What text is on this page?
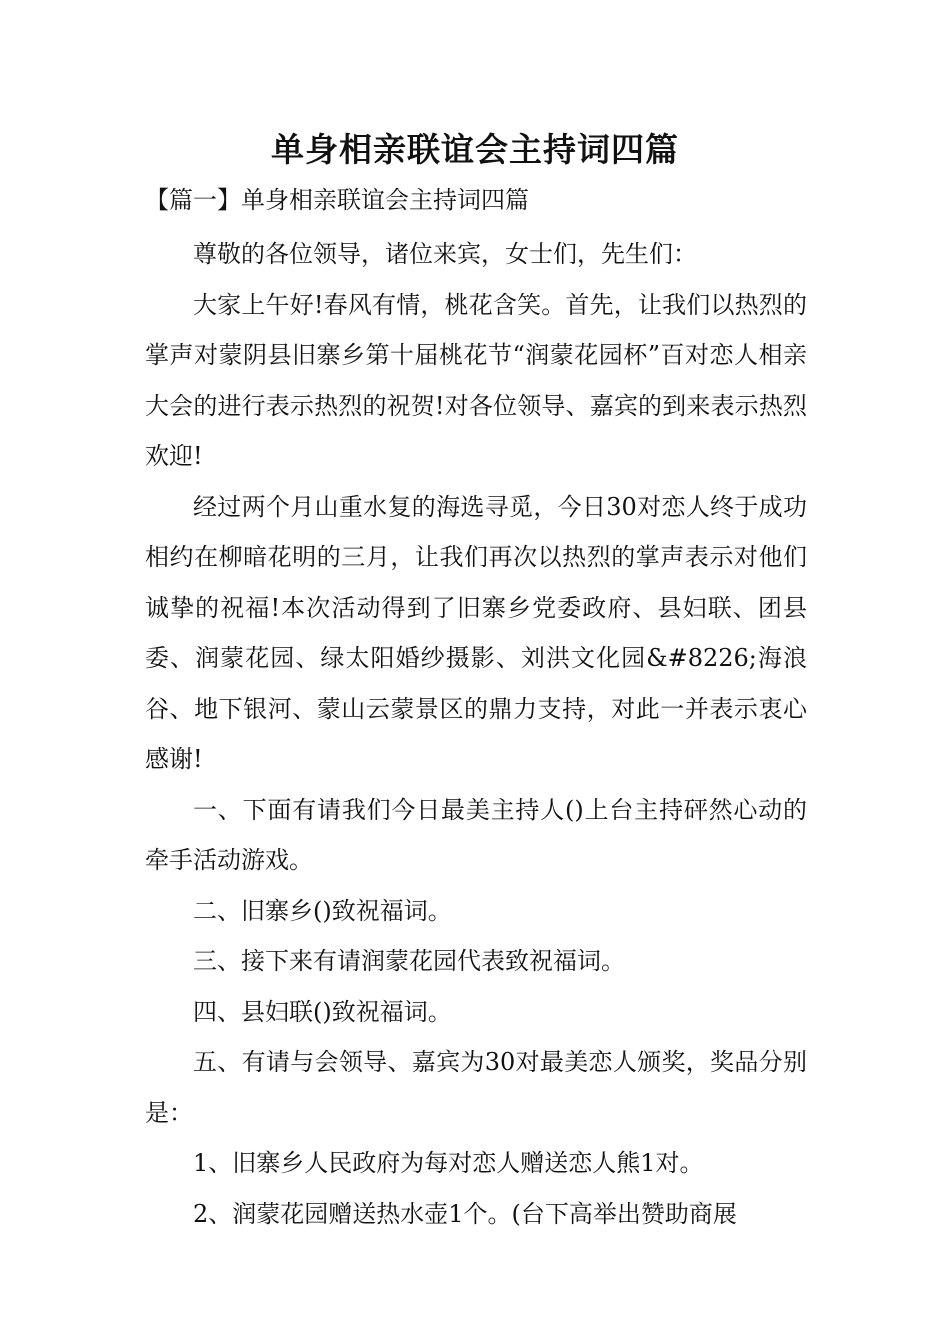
单身相亲联谊会主持词四篇
【篇一】单身相亲联谊会主持词四篇

尊敬的各位领导，诸位来宾，女士们，先生们：

大家上午好!春风有情，桃花含笑。首先，让我们以热烈的掌声对蒙阴县旧寨乡第十届桃花节“润蒙花园杯”百对恋人相亲大会的进行表示热烈的祝贺!对各位领导、嘉宾的到来表示热烈欢迎!

经过两个月山重水复的海选寻觅，今日30对恋人终于成功相约在柳暗花明的三月，让我们再次以热烈的掌声表示对他们诚挚的祝福!本次活动得到了旧寨乡党委政府、县妇联、团县委、润蒙花园、绿太阳婚纱摄影、刘洪文化园&#8226;海浪谷、地下银河、蒙山云蒙景区的鼎力支持，对此一并表示衷心感谢!

一、下面有请我们今日最美主持人()上台主持砰然心动的牵手活动游戏。

二、旧寨乡()致祝福词。

三、接下来有请润蒙花园代表致祝福词。

四、县妇联()致祝福词。

五、有请与会领导、嘉宾为30对最美恋人颁奖，奖品分别是：

1、旧寨乡人民政府为每对恋人赠送恋人熊1对。

2、润蒙花园赠送热水壶1个。(台下高举出赞助商展
